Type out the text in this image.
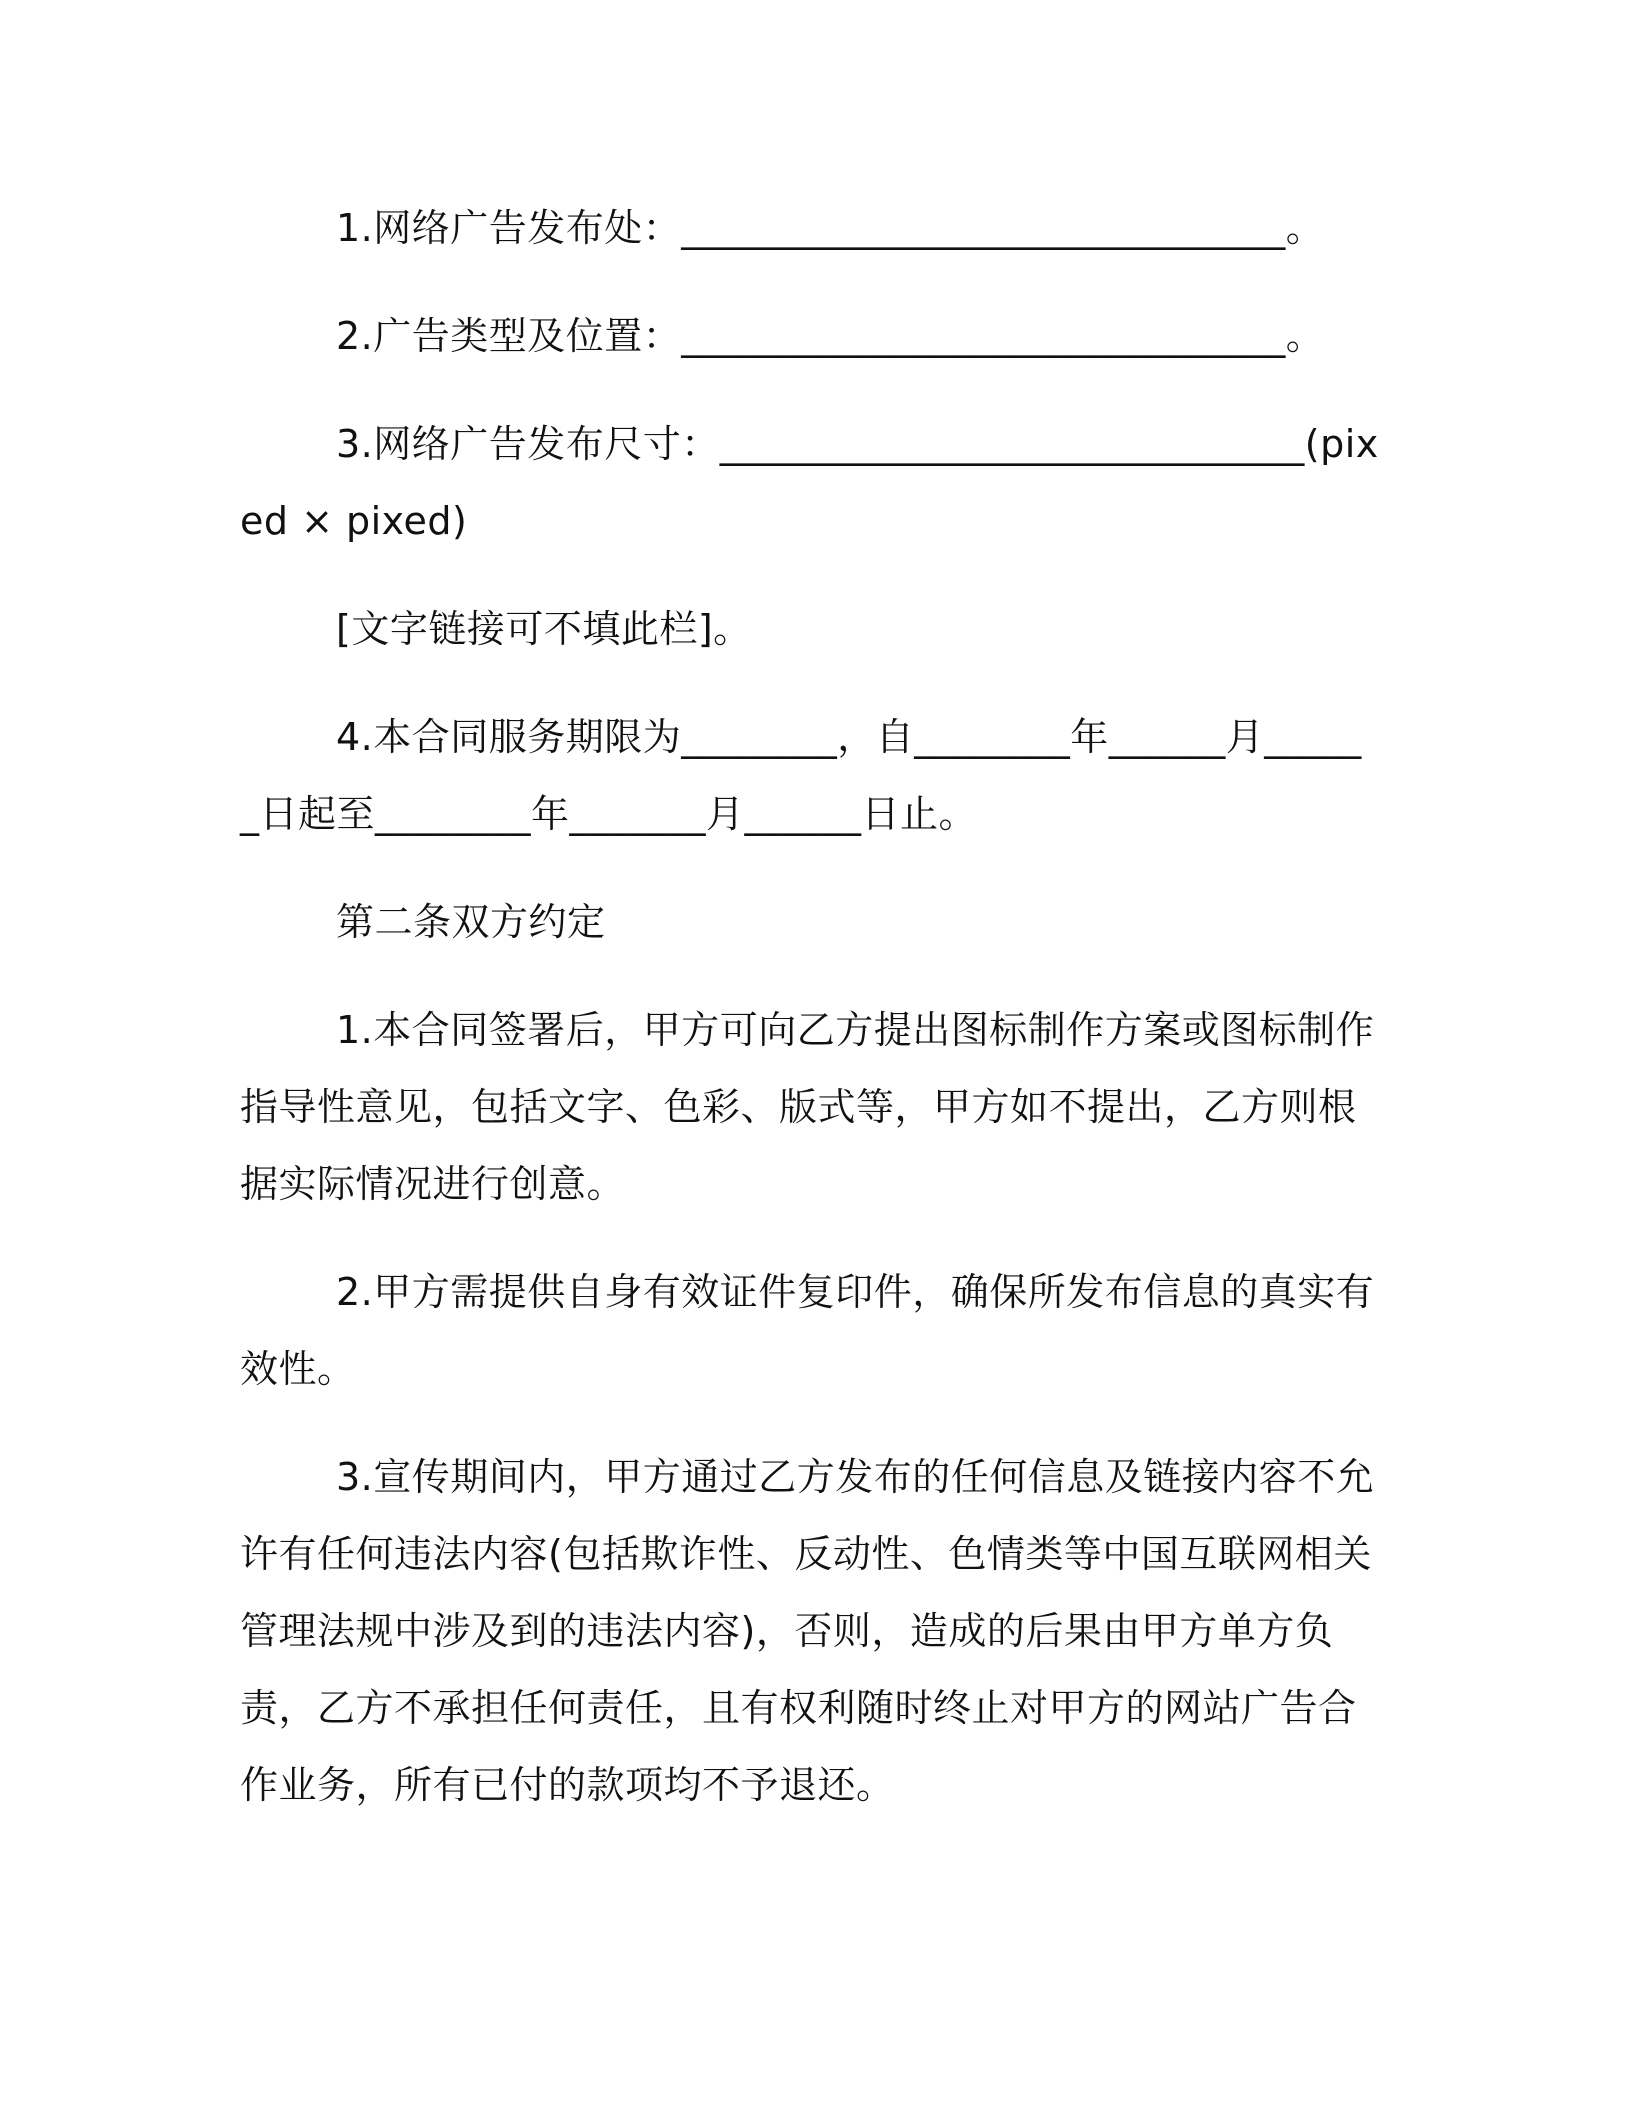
1.网络广告发布处：_______________________________。

2.广告类型及位置：_______________________________。

3.网络广告发布尺寸：______________________________(pixed × pixed)

[文字链接可不填此栏]。

4.本合同服务期限为________，自________年______月______日起至________年_______月______日止。

第二条双方约定

1.本合同签署后，甲方可向乙方提出图标制作方案或图标制作指导性意见，包括文字、色彩、版式等，甲方如不提出，乙方则根据实际情况进行创意。

2.甲方需提供自身有效证件复印件，确保所发布信息的真实有效性。

3.宣传期间内，甲方通过乙方发布的任何信息及链接内容不允许有任何违法内容(包括欺诈性、反动性、色情类等中国互联网相关管理法规中涉及到的违法内容)，否则，造成的后果由甲方单方负责，乙方不承担任何责任，且有权利随时终止对甲方的网站广告合作业务，所有已付的款项均不予退还。
